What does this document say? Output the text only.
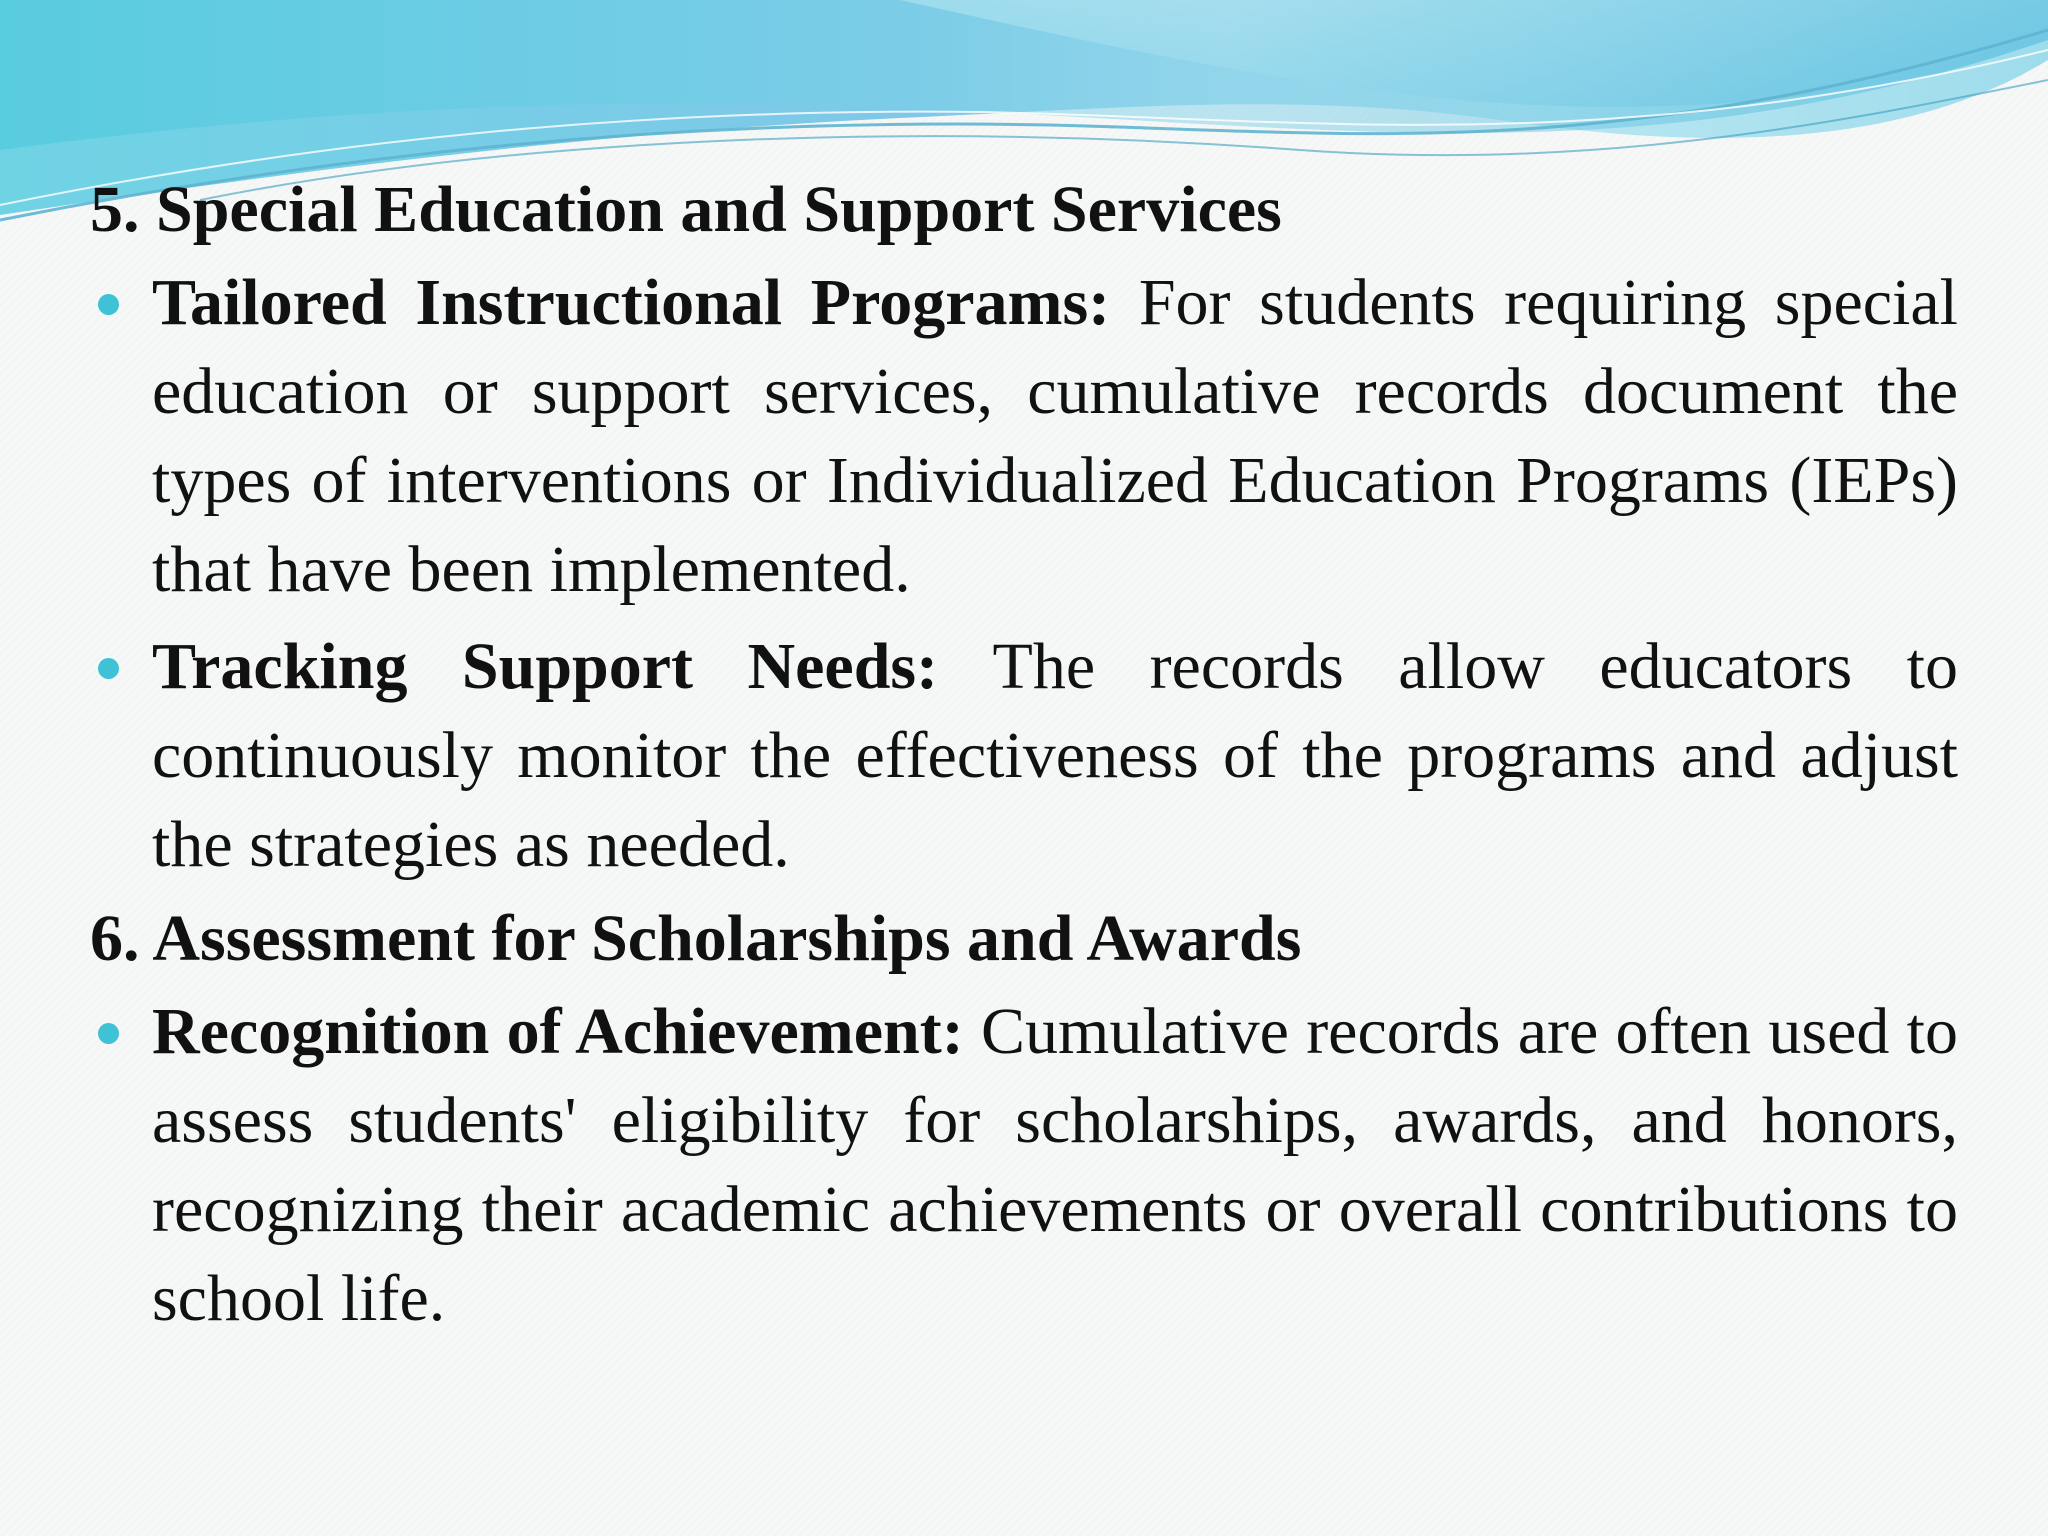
5. Special Education and Support Services
Tailored Instructional Programs: For students requiring special education or support services, cumulative records document the types of interventions or Individualized Education Programs (IEPs) that have been implemented.
Tracking Support Needs: The records allow educators to continuously monitor the effectiveness of the programs and adjust the strategies as needed.
6. Assessment for Scholarships and Awards
Recognition of Achievement: Cumulative records are often used to assess students' eligibility for scholarships, awards, and honors, recognizing their academic achievements or overall contributions to school life.
